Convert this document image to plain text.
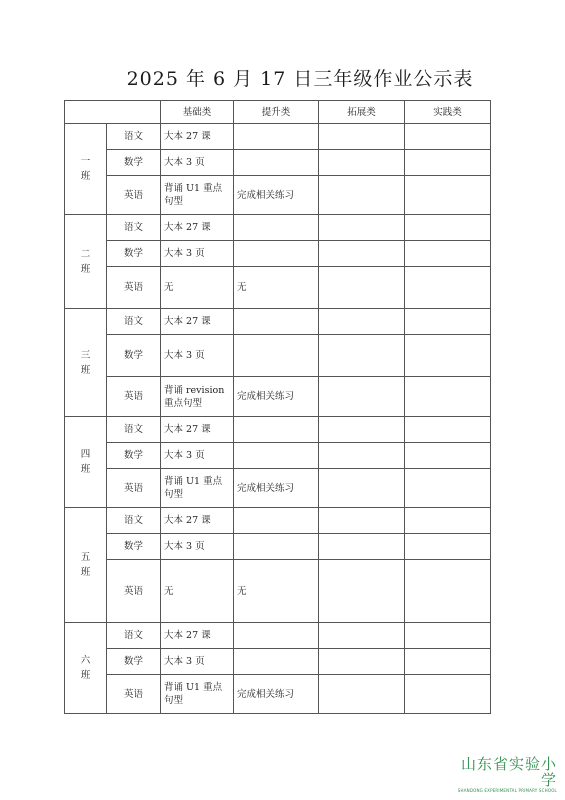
2025 年 6 月 17 日三年级作业公示表
		基础类	提升类	拓展类	实践类

一
班	语文	大本 27 课			
	数学	大本 3 页			
	英语	背诵 U1 重点句型	完成相关练习		

二
班	语文	大本 27 课			
	数学	大本 3 页			
	英语	无	无		

三
班	语文	大本 27 课			
	数学	大本 3 页			
	英语	背诵 revision 重点句型	完成相关练习		

四
班	语文	大本 27 课			
	数学	大本 3 页			
	英语	背诵 U1 重点句型	完成相关练习		

五
班	语文	大本 27 课			
	数学	大本 3 页			
	英语	无	无		

六
班	语文	大本 27 课			
	数学	大本 3 页			
	英语	背诵 U1 重点句型	完成相关练习		
山东省实验小学
SHANDONG EXPERIMENTAL PRIMARY SCHOOL
